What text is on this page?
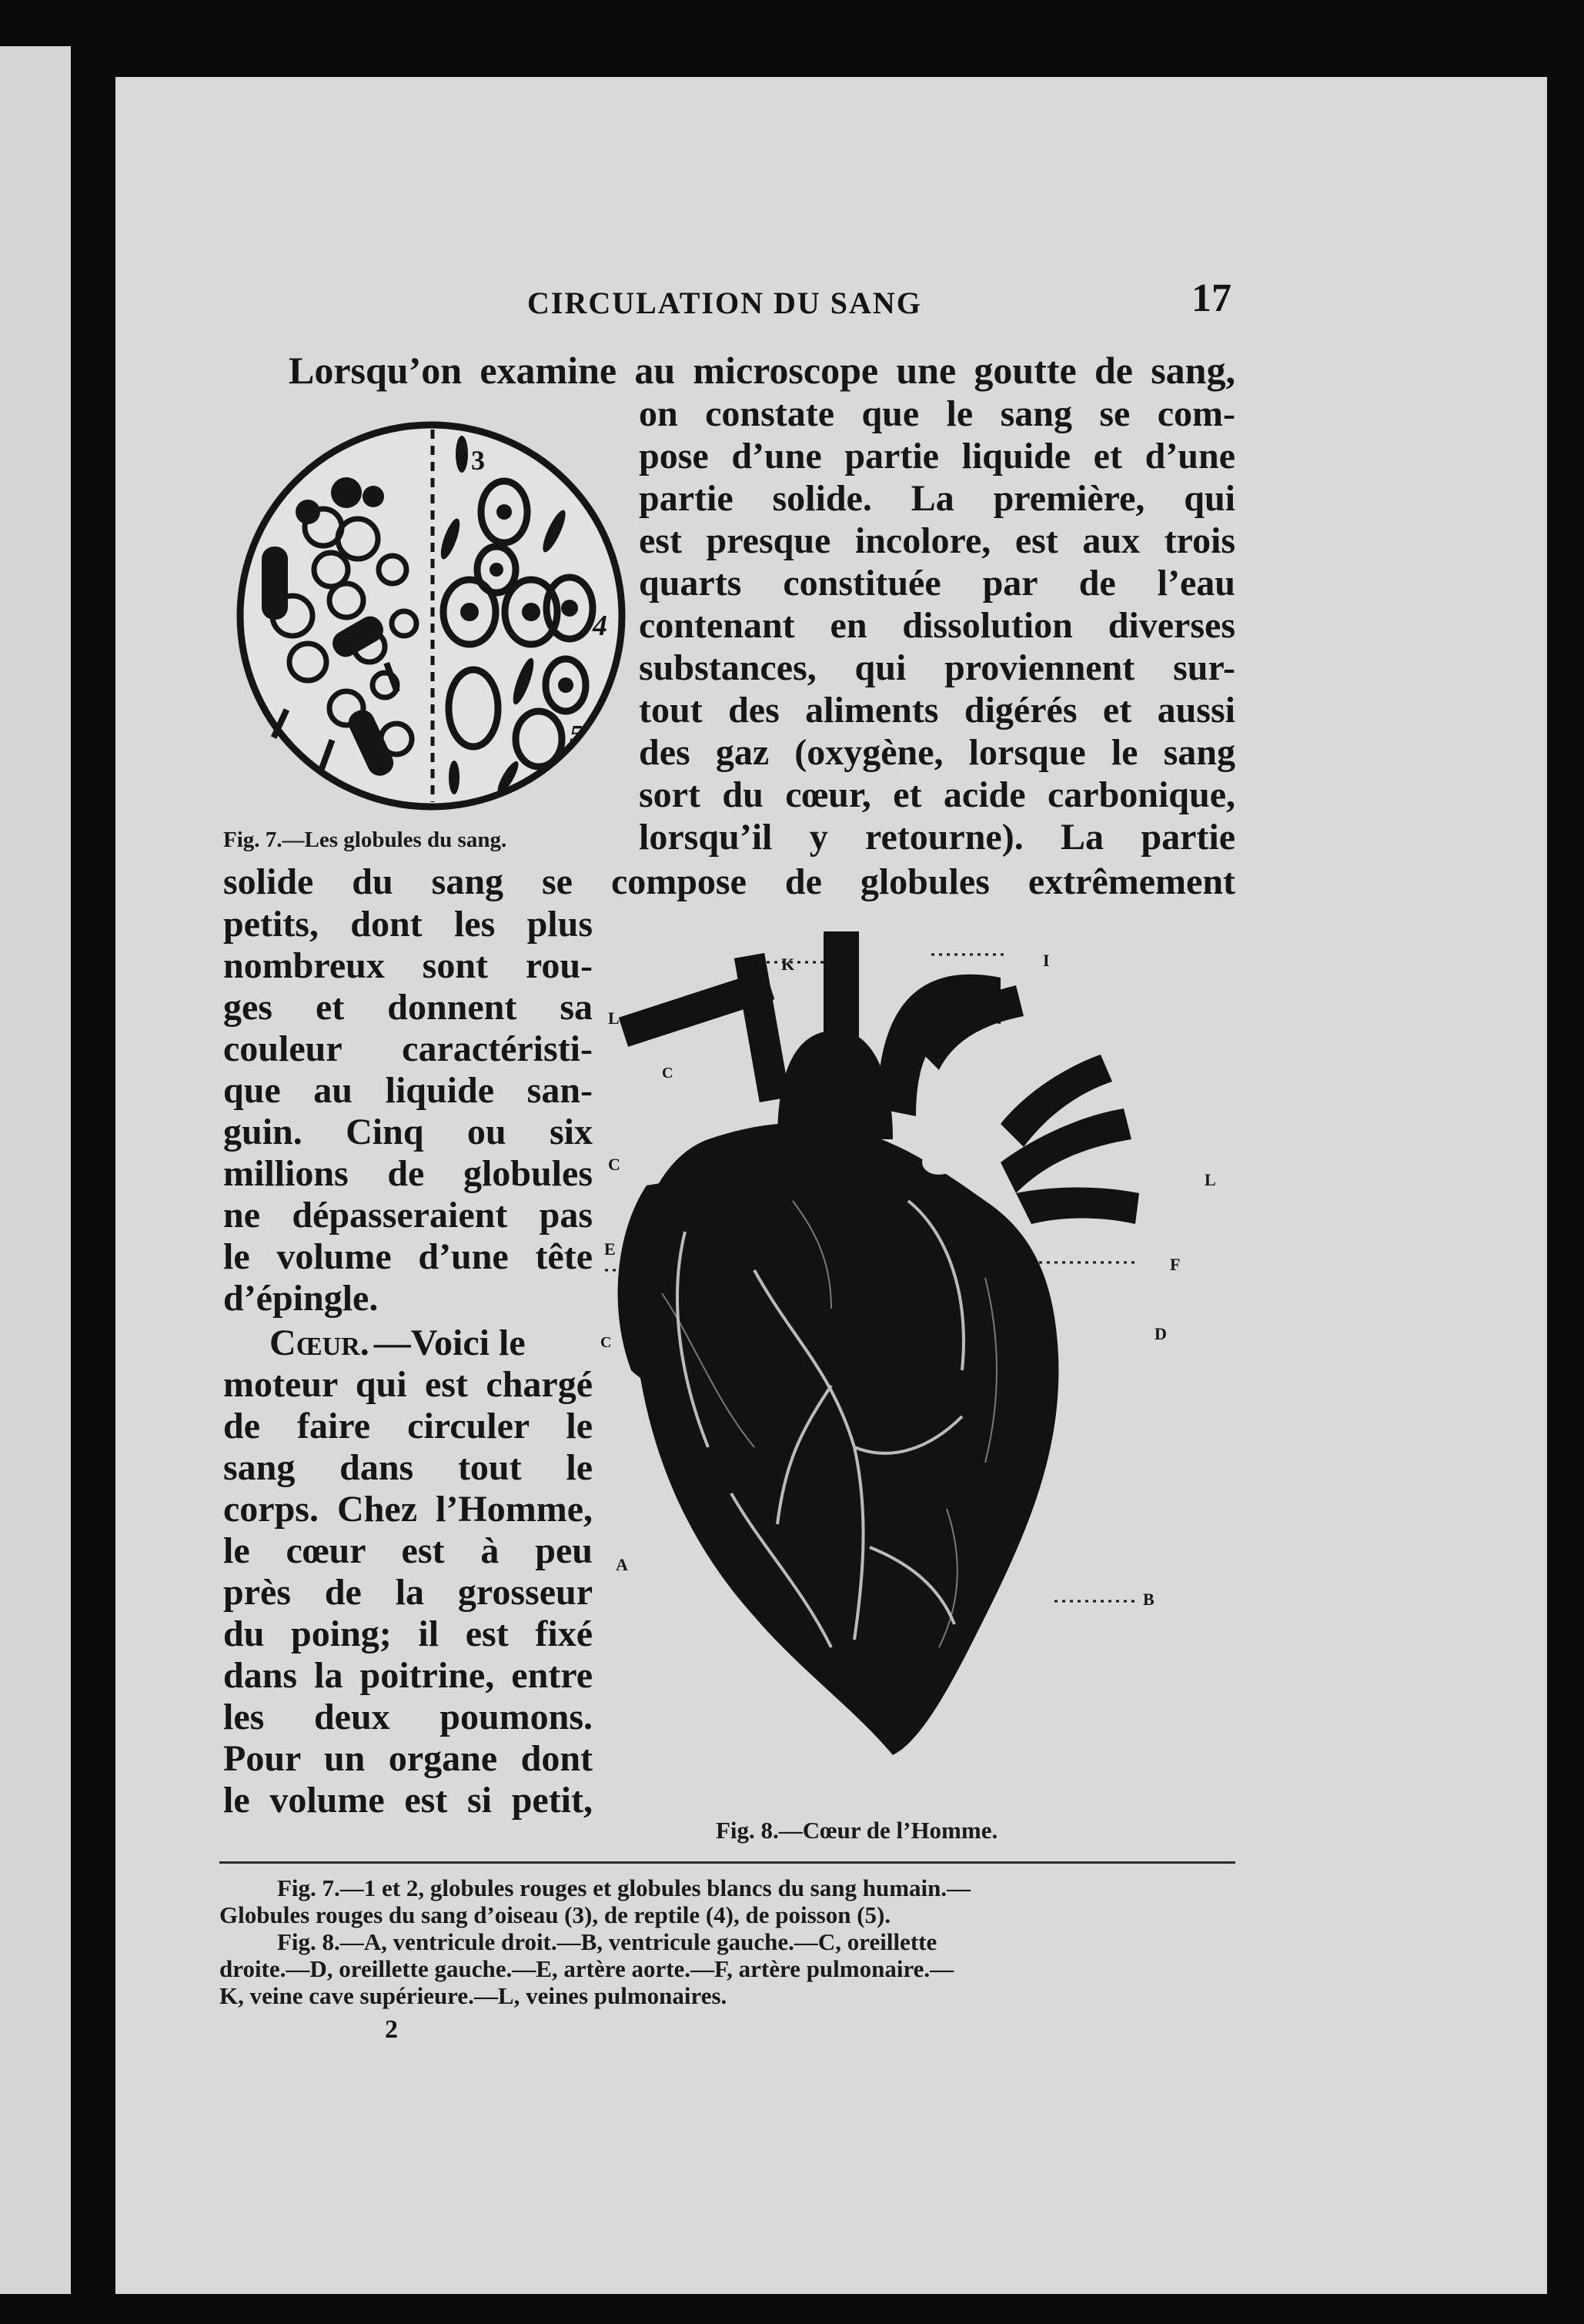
CIRCULATION DU SANG	17
Lorsqu’on examine au microscope une goutte de sang,
3
4
5
on constate que le sang se com-
pose d’une partie liquide et d’une
partie solide. La première, qui
est presque incolore, est aux trois
quarts constituée par de l’eau
contenant en dissolution diverses
substances, qui proviennent sur-
tout des aliments digérés et aussi
des gaz (oxygène, lorsque le sang
sort du cœur, et acide carbonique,
lorsqu’il y retourne). La partie
Fig. 7.—Les globules du sang.
solide du sang se compose de globules extrêmement
petits, dont les plus
nombreux sont rou-
ges et donnent sa
couleur caractéristi-
que au liquide san-
guin. Cinq ou six
millions de globules
ne dépasseraient pas
le volume d’une tête
d’épingle.
Cœur. —Voici le
moteur qui est chargé
de faire circuler le
sang dans tout le
corps. Chez l’Homme,
le cœur est à peu
près de la grosseur
du poing; il est fixé
dans la poitrine, entre
les deux poumons.
Pour un organe dont
le volume est si petit,
K	I
L
C
E
F
D
A
B
C
L
C
Fig. 8.—Cœur de l’Homme.
Fig. 7.—1 et 2, globules rouges et globules blancs du sang humain.—
Globules rouges du sang d’oiseau (3), de reptile (4), de poisson (5).
Fig. 8.—A, ventricule droit.—B, ventricule gauche.—C, oreillette
droite.—D, oreillette gauche.—E, artère aorte.—F, artère pulmonaire.—
K, veine cave supérieure.—L, veines pulmonaires.
2
